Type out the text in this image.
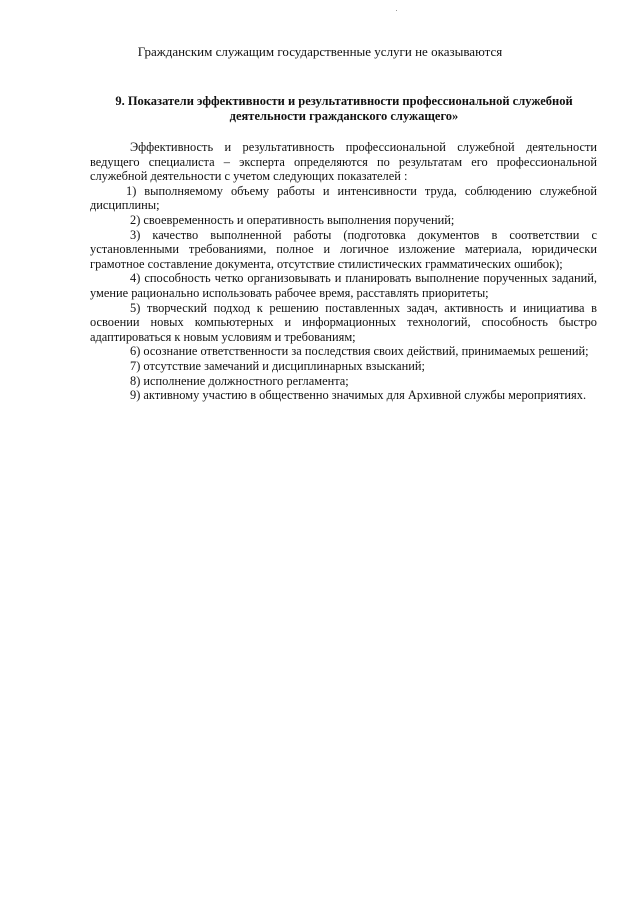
Гражданским служащим государственные услуги не оказываются
9. Показатели эффективности и результативности профессиональной служебной
деятельности гражданского служащего»

Эффективность и результативность профессиональной служебной деятельности ведущего специалиста – эксперта определяются по результатам его профессиональной служебной деятельности с учетом следующих показателей :

1) выполняемому объему работы и интенсивности труда, соблюдению служебной дисциплины;

2) своевременность и оперативность выполнения поручений;

3) качество выполненной работы (подготовка документов в соответствии с установленными требованиями, полное и логичное изложение материала, юридически грамотное составление документа, отсутствие стилистических грамматических ошибок);

4) способность четко организовывать и планировать выполнение порученных заданий, умение рационально использовать рабочее время, расставлять приоритеты;

5) творческий подход к решению поставленных задач, активность и инициатива в освоении новых компьютерных и информационных технологий, способность быстро адаптироваться к новым условиям и требованиям;

6) осознание ответственности за последствия своих действий, принимаемых решений;

7) отсутствие замечаний и дисциплинарных взысканий;

8) исполнение должностного регламента;

9) активному участию в общественно значимых для Архивной службы мероприятиях.
